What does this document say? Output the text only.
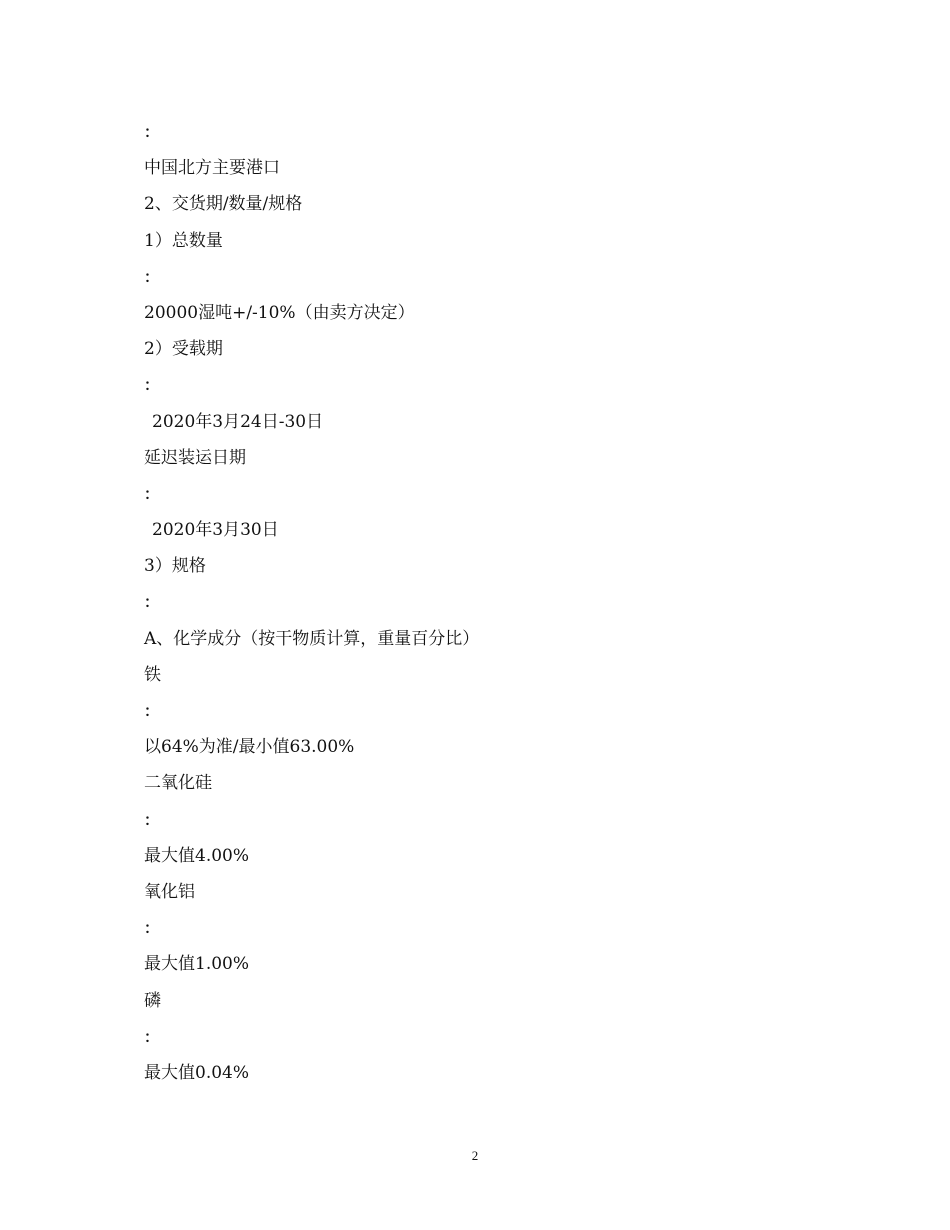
：
中国北方主要港口
2、交货期/数量/规格
1）总数量
：
20000湿吨+/-10%（由卖方决定）
2）受载期
：
2020年3月24日-30日
延迟装运日期
：
2020年3月30日
3）规格
：
A、化学成分（按干物质计算，重量百分比）
铁
：
以64%为准/最小值63.00%
二氧化硅
：
最大值4.00%
氧化铝
：
最大值1.00%
磷
：
最大值0.04%
2
